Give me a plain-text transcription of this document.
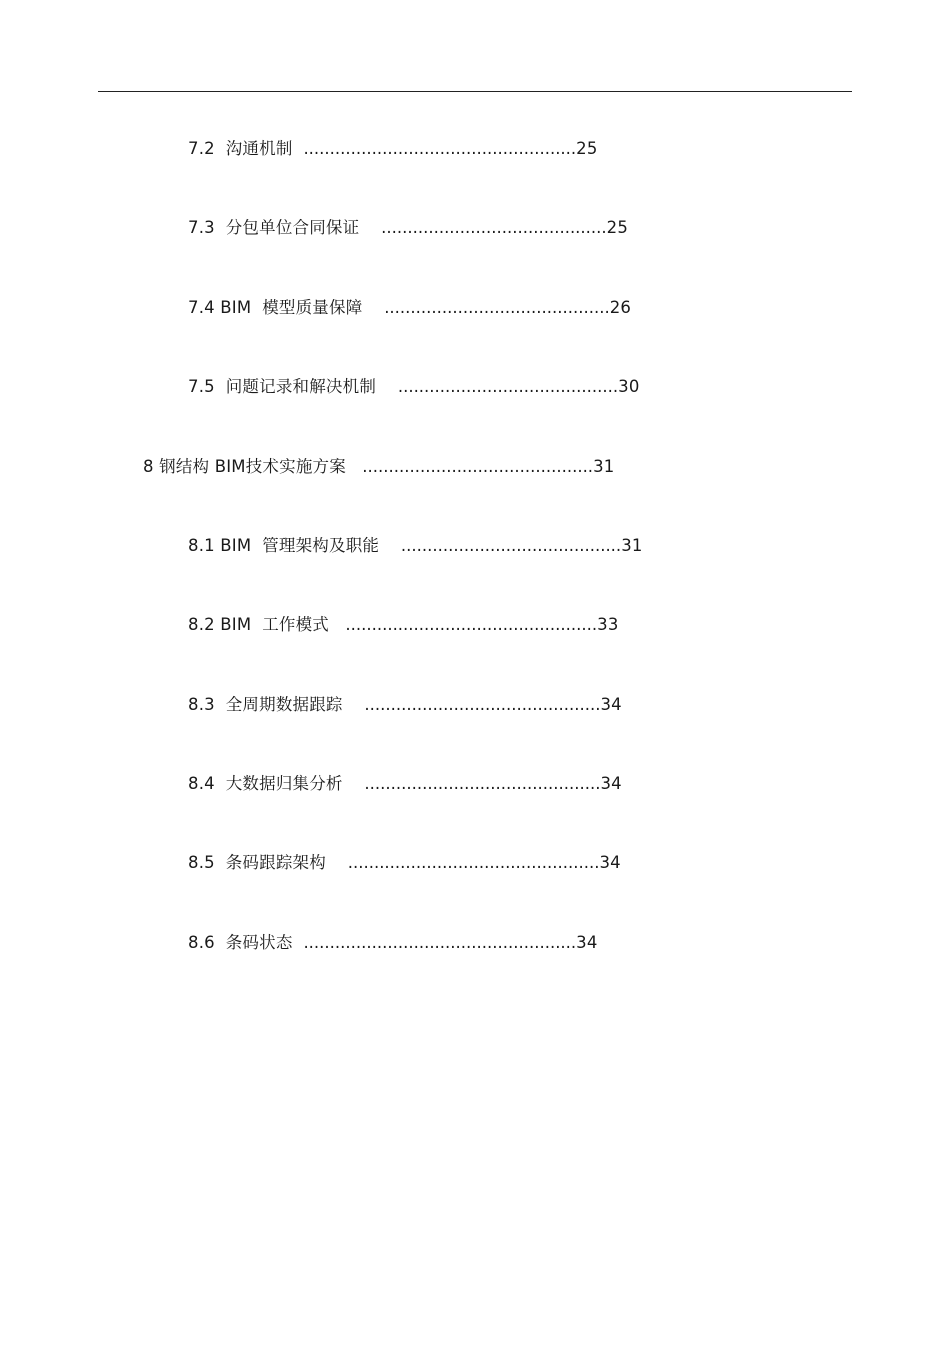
7.2 沟通机制 ....................................................25
7.3 分包单位合同保证 ...........................................25
7.4 BIM 模型质量保障 ...........................................26
7.5 问题记录和解决机制 ..........................................30
8 钢结构 BIM技术实施方案 ............................................31
8.1 BIM 管理架构及职能 ..........................................31
8.2 BIM 工作模式 ................................................33
8.3 全周期数据跟踪 .............................................34
8.4 大数据归集分析 .............................................34
8.5 条码跟踪架构 ................................................34
8.6 条码状态 ....................................................34
